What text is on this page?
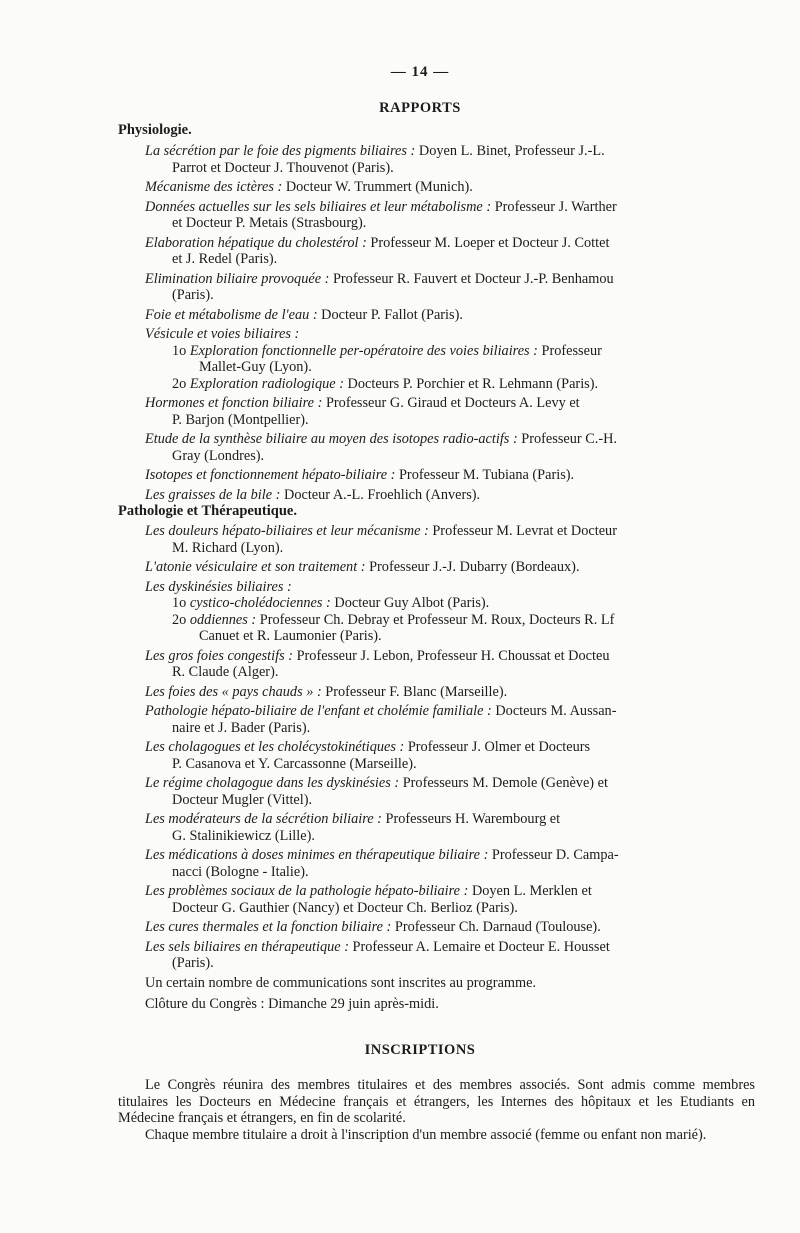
— 14 —
RAPPORTS
Physiologie.
La sécrétion par le foie des pigments biliaires : Doyen L. Binet, Professeur J.-L.
Parrot et Docteur J. Thouvenot (Paris).
Mécanisme des ictères : Docteur W. Trummert (Munich).
Données actuelles sur les sels biliaires et leur métabolisme : Professeur J. Warther
et Docteur P. Metais (Strasbourg).
Elaboration hépatique du cholestérol : Professeur M. Loeper et Docteur J. Cottet
et J. Redel (Paris).
Elimination biliaire provoquée : Professeur R. Fauvert et Docteur J.-P. Benhamou
(Paris).
Foie et métabolisme de l'eau : Docteur P. Fallot (Paris).
Vésicule et voies biliaires :
1o Exploration fonctionnelle per-opératoire des voies biliaires : Professeur
Mallet-Guy (Lyon).
2o Exploration radiologique : Docteurs P. Porchier et R. Lehmann (Paris).
Hormones et fonction biliaire : Professeur G. Giraud et Docteurs A. Levy et
P. Barjon (Montpellier).
Etude de la synthèse biliaire au moyen des isotopes radio-actifs : Professeur C.-H.
Gray (Londres).
Isotopes et fonctionnement hépato-biliaire : Professeur M. Tubiana (Paris).
Les graisses de la bile : Docteur A.-L. Froehlich (Anvers).
Pathologie et Thérapeutique.
Les douleurs hépato-biliaires et leur mécanisme : Professeur M. Levrat et Docteur
M. Richard (Lyon).
L'atonie vésiculaire et son traitement : Professeur J.-J. Dubarry (Bordeaux).
Les dyskinésies biliaires :
1o cystico-cholédociennes : Docteur Guy Albot (Paris).
2o oddiennes : Professeur Ch. Debray et Professeur M. Roux, Docteurs R. Lf
Canuet et R. Laumonier (Paris).
Les gros foies congestifs : Professeur J. Lebon, Professeur H. Choussat et Docteu
R. Claude (Alger).
Les foies des « pays chauds » : Professeur F. Blanc (Marseille).
Pathologie hépato-biliaire de l'enfant et cholémie familiale : Docteurs M. Aussan-
naire et J. Bader (Paris).
Les cholagogues et les cholécystokinétiques : Professeur J. Olmer et Docteurs
P. Casanova et Y. Carcassonne (Marseille).
Le régime cholagogue dans les dyskinésies : Professeurs M. Demole (Genève) et
Docteur Mugler (Vittel).
Les modérateurs de la sécrétion biliaire : Professeurs H. Warembourg et
G. Stalinikiewicz (Lille).
Les médications à doses minimes en thérapeutique biliaire : Professeur D. Campa-
nacci (Bologne - Italie).
Les problèmes sociaux de la pathologie hépato-biliaire : Doyen L. Merklen et
Docteur G. Gauthier (Nancy) et Docteur Ch. Berlioz (Paris).
Les cures thermales et la fonction biliaire : Professeur Ch. Darnaud (Toulouse).
Les sels biliaires en thérapeutique : Professeur A. Lemaire et Docteur E. Housset
(Paris).
Un certain nombre de communications sont inscrites au programme.
Clôture du Congrès : Dimanche 29 juin après-midi.
INSCRIPTIONS
Le Congrès réunira des membres titulaires et des membres associés. Sont admis comme membres titulaires les Docteurs en Médecine français et étrangers, les Internes des hôpitaux et les Etudiants en Médecine français et étrangers, en fin de scolarité.
Chaque membre titulaire a droit à l'inscription d'un membre associé (femme ou enfant non marié).
